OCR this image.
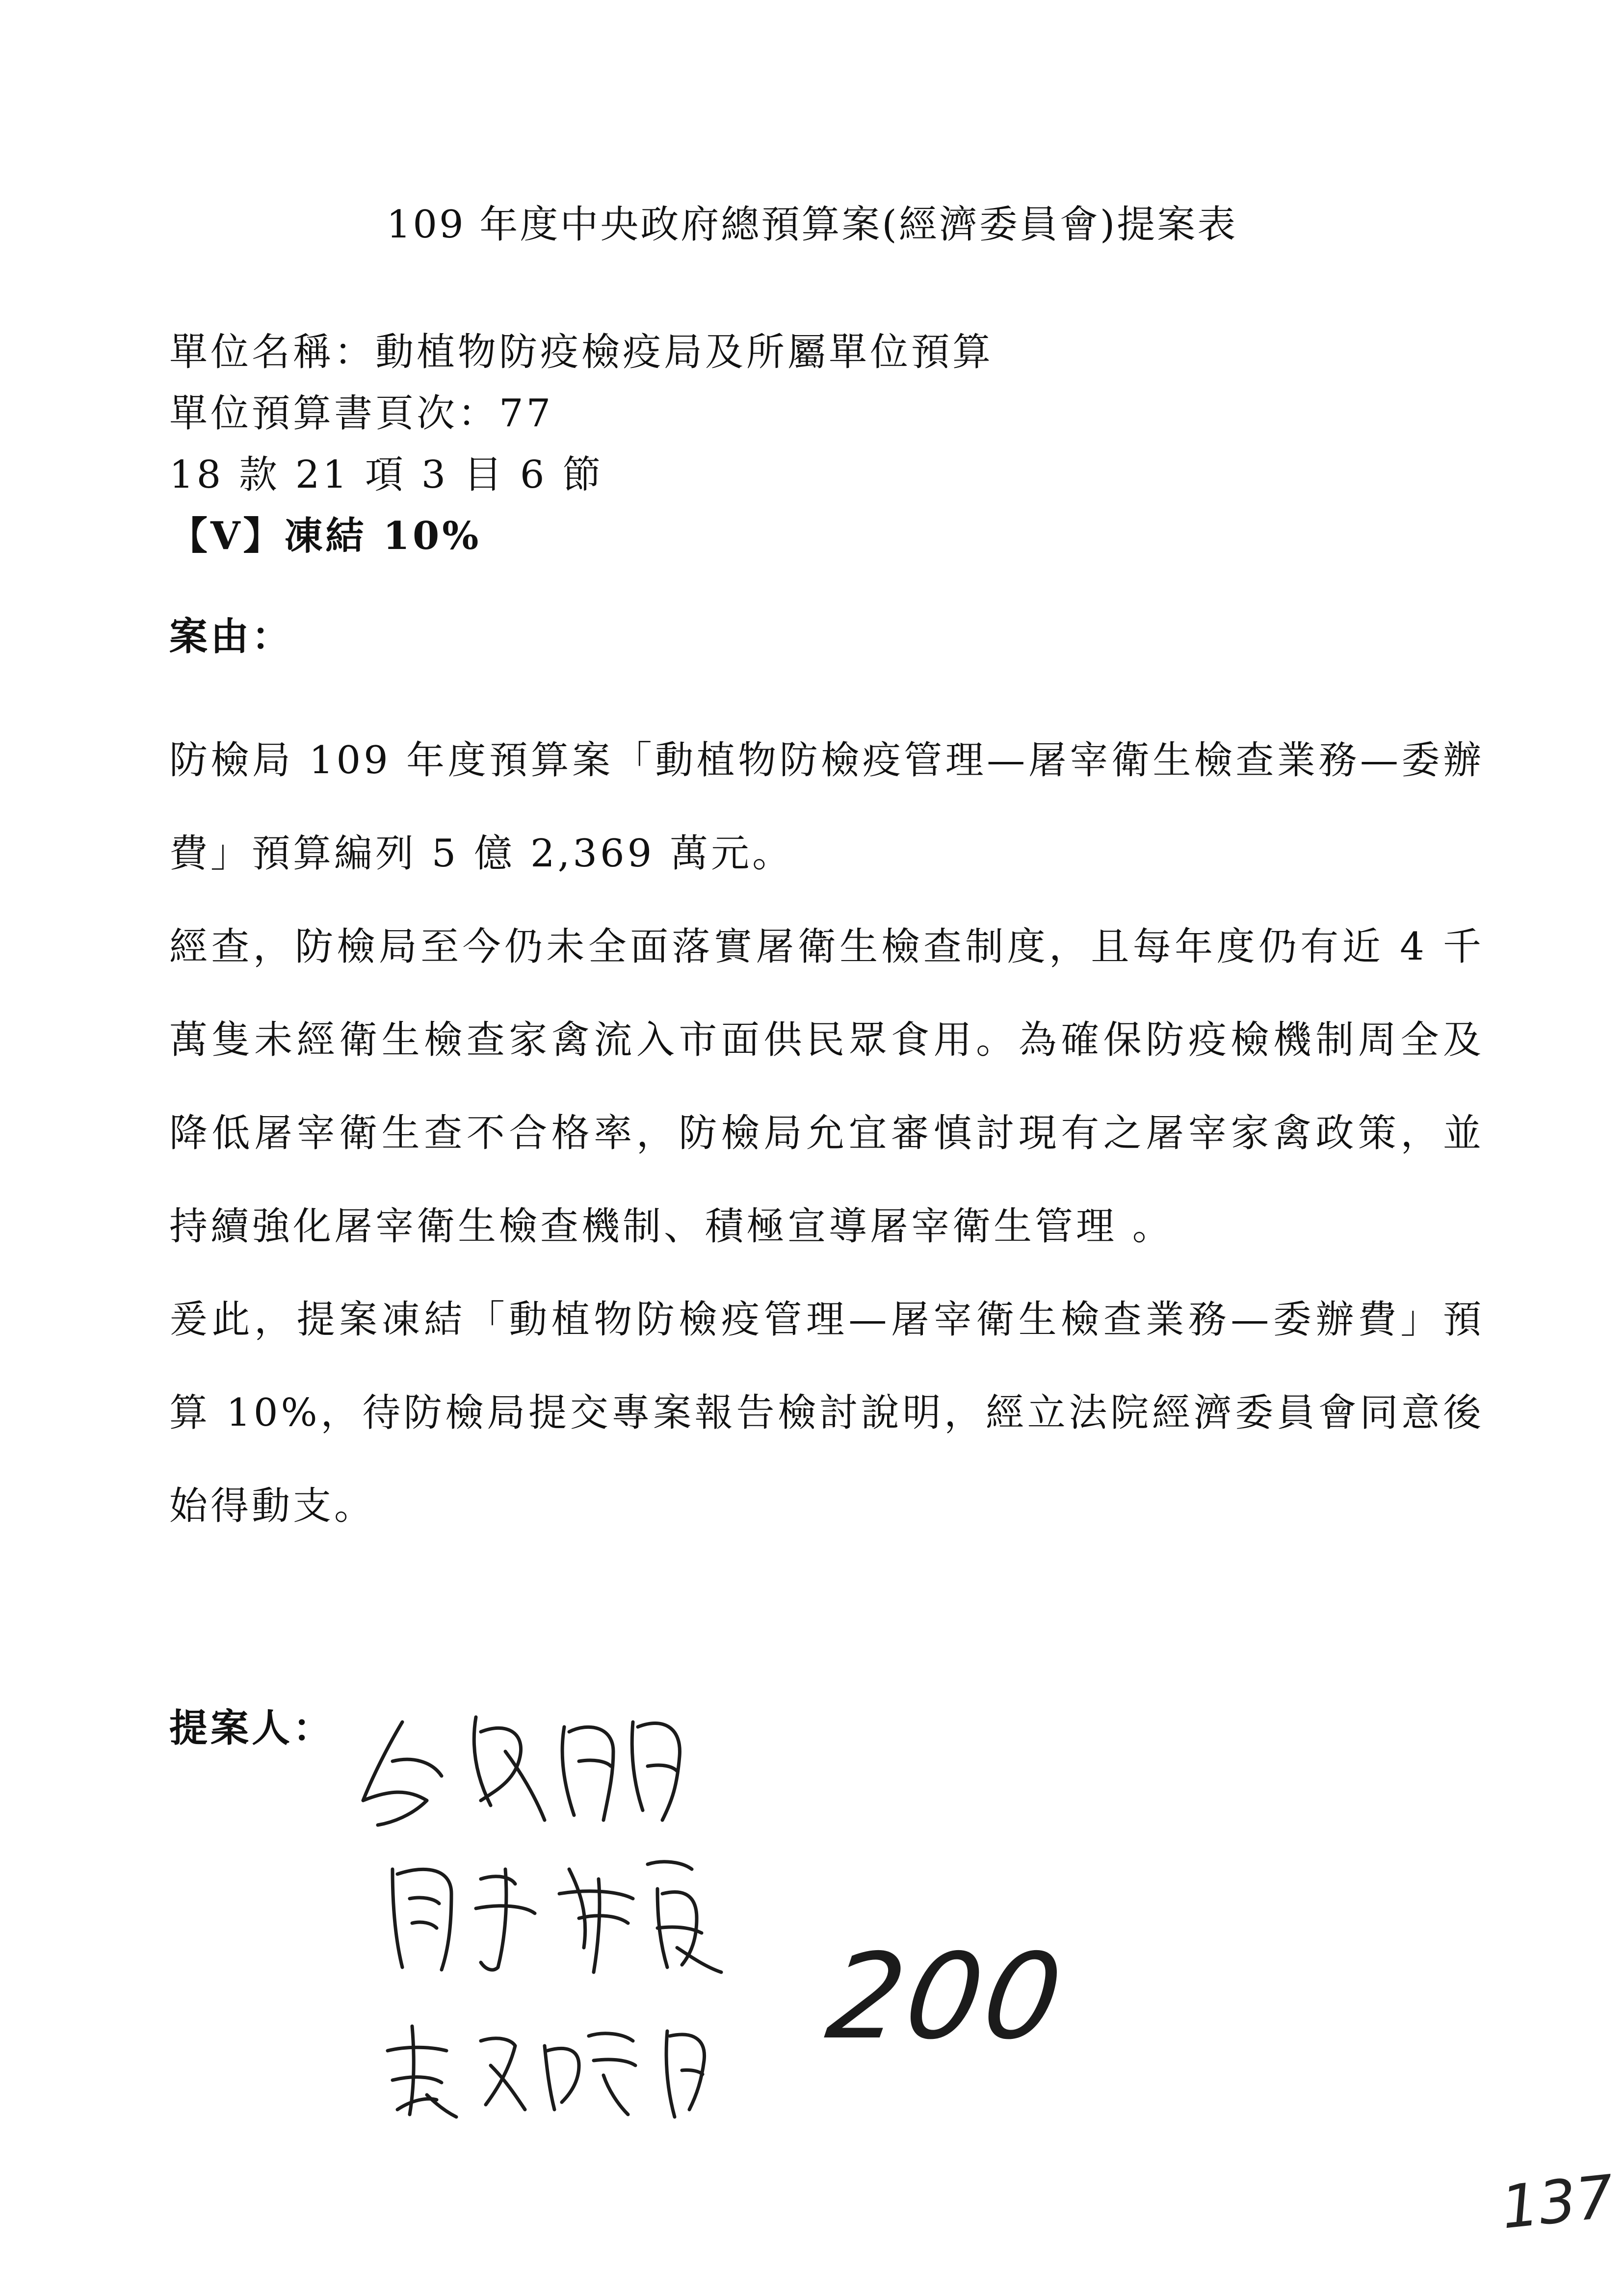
109 年度中央政府總預算案(經濟委員會)提案表
單位名稱：動植物防疫檢疫局及所屬單位預算
單位預算書頁次：77
18 款 21 項 3 目 6 節
【V】凍結 10%
案由：

防檢局 109 年度預算案「動植物防檢疫管理—屠宰衛生檢查業務—委辦費」預算編列 5 億 2,369 萬元。

經查，防檢局至今仍未全面落實屠衛生檢查制度，且每年度仍有近 4 千萬隻未經衛生檢查家禽流入市面供民眾食用。為確保防疫檢機制周全及降低屠宰衛生查不合格率，防檢局允宜審慎討現有之屠宰家禽政策，並持續強化屠宰衛生檢查機制、積極宣導屠宰衛生管理 。

爰此，提案凍結「動植物防檢疫管理—屠宰衛生檢查業務—委辦費」預算 10%，待防檢局提交專案報告檢討說明，經立法院經濟委員會同意後始得動支。

提案人：
200
137
